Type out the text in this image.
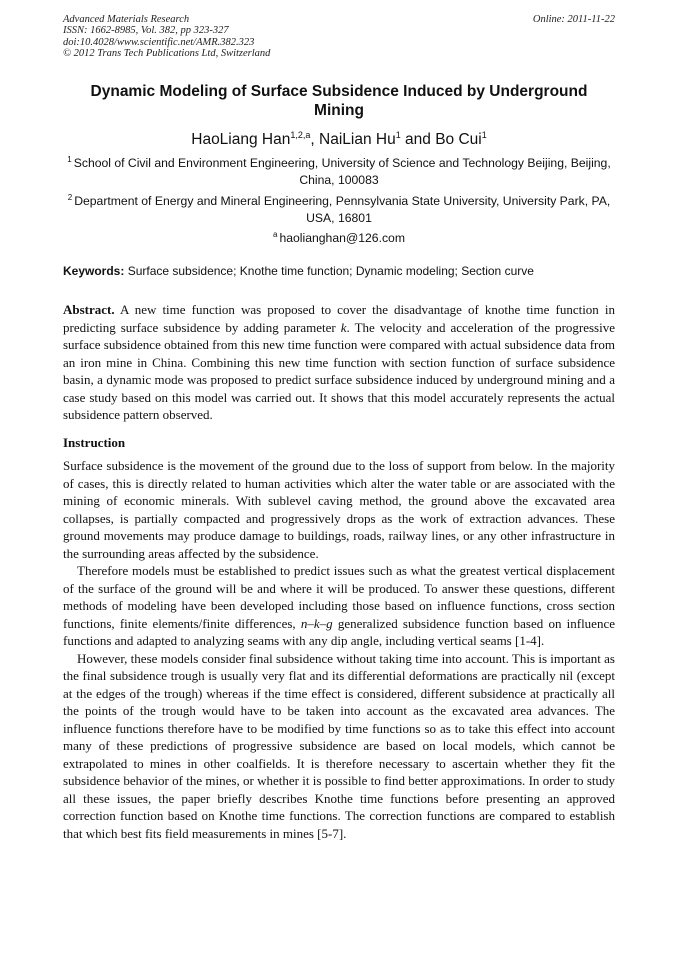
Advanced Materials Research
ISSN: 1662-8985, Vol. 382, pp 323-327
doi:10.4028/www.scientific.net/AMR.382.323
© 2012 Trans Tech Publications Ltd, Switzerland
Online: 2011-11-22
Dynamic Modeling of Surface Subsidence Induced by Underground Mining
HaoLiang Han$^{1,2,a}$, NaiLian Hu$^1$ and Bo Cui$^1$
$^1$ School of Civil and Environment Engineering, University of Science and Technology Beijing, Beijing, China, 100083
$^2$ Department of Energy and Mineral Engineering, Pennsylvania State University, University Park, PA, USA, 16801
$^a$ haolianghan@126.com
Keywords: Surface subsidence; Knothe time function; Dynamic modeling; Section curve
Abstract. A new time function was proposed to cover the disadvantage of knothe time function in predicting surface subsidence by adding parameter k. The velocity and acceleration of the progressive surface subsidence obtained from this new time function were compared with actual subsidence data from an iron mine in China. Combining this new time function with section function of surface subsidence basin, a dynamic mode was proposed to predict surface subsidence induced by underground mining and a case study based on this model was carried out. It shows that this model accurately represents the actual subsidence pattern observed.
Instruction

Surface subsidence is the movement of the ground due to the loss of support from below. In the majority of cases, this is directly related to human activities which alter the water table or are associated with the mining of economic minerals. With sublevel caving method, the ground above the excavated area collapses, is partially compacted and progressively drops as the work of extraction advances. These ground movements may produce damage to buildings, roads, railway lines, or any other infrastructure in the surrounding areas affected by the subsidence.

Therefore models must be established to predict issues such as what the greatest vertical displacement of the surface of the ground will be and where it will be produced. To answer these questions, different methods of modeling have been developed including those based on influence functions, cross section functions, finite elements/finite differences, n–k–g generalized subsidence function based on influence functions and adapted to analyzing seams with any dip angle, including vertical seams [1-4].

However, these models consider final subsidence without taking time into account. This is important as the final subsidence trough is usually very flat and its differential deformations are practically nil (except at the edges of the trough) whereas if the time effect is considered, different subsidence at practically all the points of the trough would have to be taken into account as the excavated area advances. The influence functions therefore have to be modified by time functions so as to take this effect into account many of these predictions of progressive subsidence are based on local models, which cannot be extrapolated to mines in other coalfields. It is therefore necessary to ascertain whether they fit the subsidence behavior of the mines, or whether it is possible to find better approximations. In order to study all these issues, the paper briefly describes Knothe time functions before presenting an approved correction function based on Knothe time functions. The correction functions are compared to establish that which best fits field measurements in mines [5-7].
